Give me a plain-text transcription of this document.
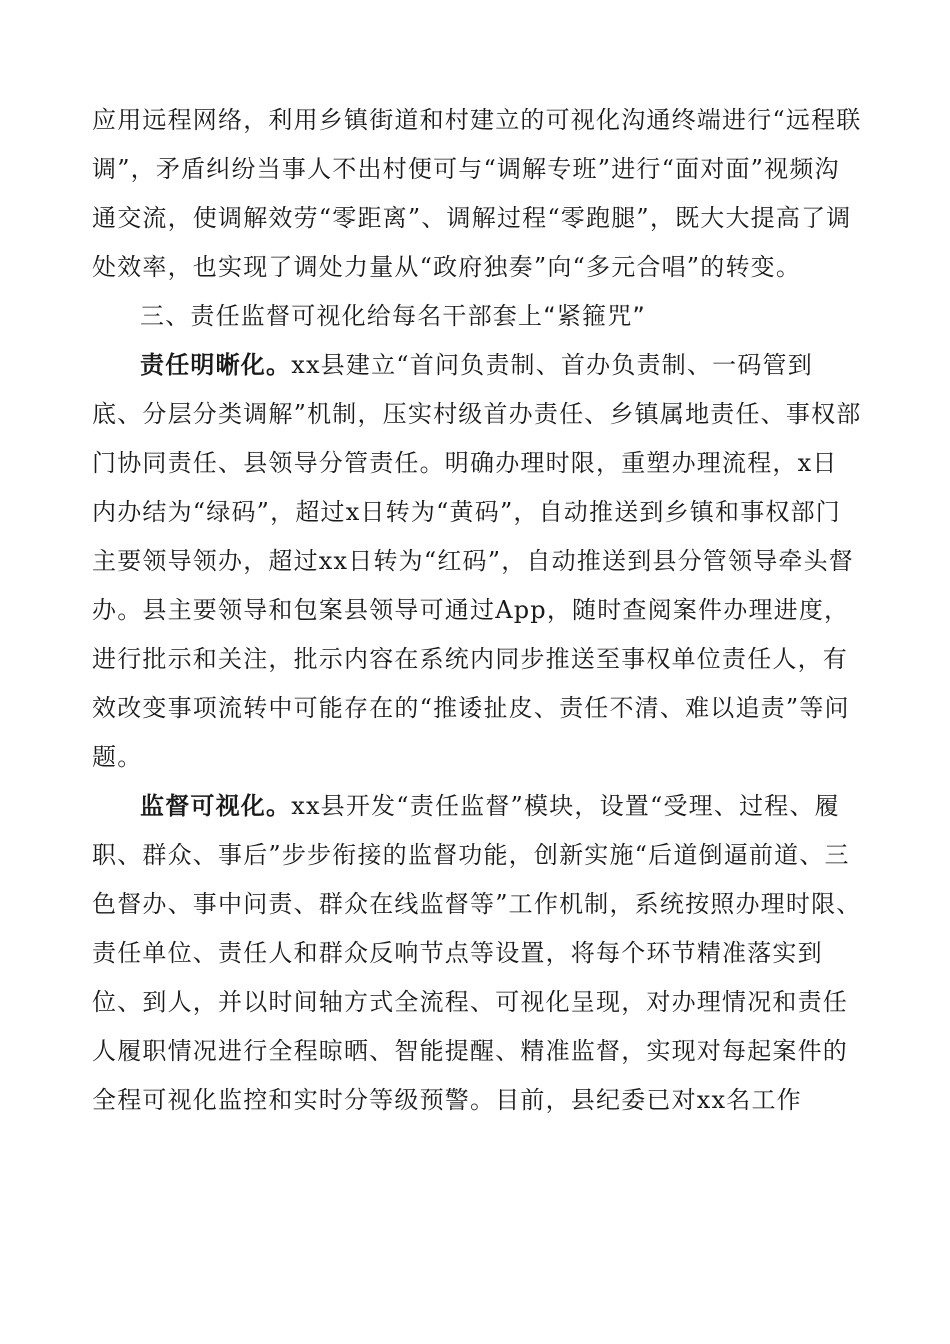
应用远程网络，利用乡镇街道和村建立的可视化沟通终端进行“远程联调”，矛盾纠纷当事人不出村便可与“调解专班”进行“面对面”视频沟通交流，使调解效劳“零距离”、调解过程“零跑腿”，既大大提高了调处效率，也实现了调处力量从“政府独奏”向“多元合唱”的转变。

三、责任监督可视化给每名干部套上“紧箍咒”

责任明晰化。xx县建立“首问负责制、首办负责制、一码管到底、分层分类调解”机制，压实村级首办责任、乡镇属地责任、事权部门协同责任、县领导分管责任。明确办理时限，重塑办理流程，x日内办结为“绿码”，超过x日转为“黄码”，自动推送到乡镇和事权部门主要领导领办，超过xx日转为“红码”，自动推送到县分管领导牵头督办。县主要领导和包案县领导可通过App，随时查阅案件办理进度，进行批示和关注，批示内容在系统内同步推送至事权单位责任人，有效改变事项流转中可能存在的“推诿扯皮、责任不清、难以追责”等问题。

监督可视化。xx县开发“责任监督”模块，设置“受理、过程、履职、群众、事后”步步衔接的监督功能，创新实施“后道倒逼前道、三色督办、事中问责、群众在线监督等”工作机制，系统按照办理时限、责任单位、责任人和群众反响节点等设置，将每个环节精准落实到位、到人，并以时间轴方式全流程、可视化呈现，对办理情况和责任人履职情况进行全程晾晒、智能提醒、精准监督，实现对每起案件的全程可视化监控和实时分等级预警。目前，县纪委已对xx名工作
